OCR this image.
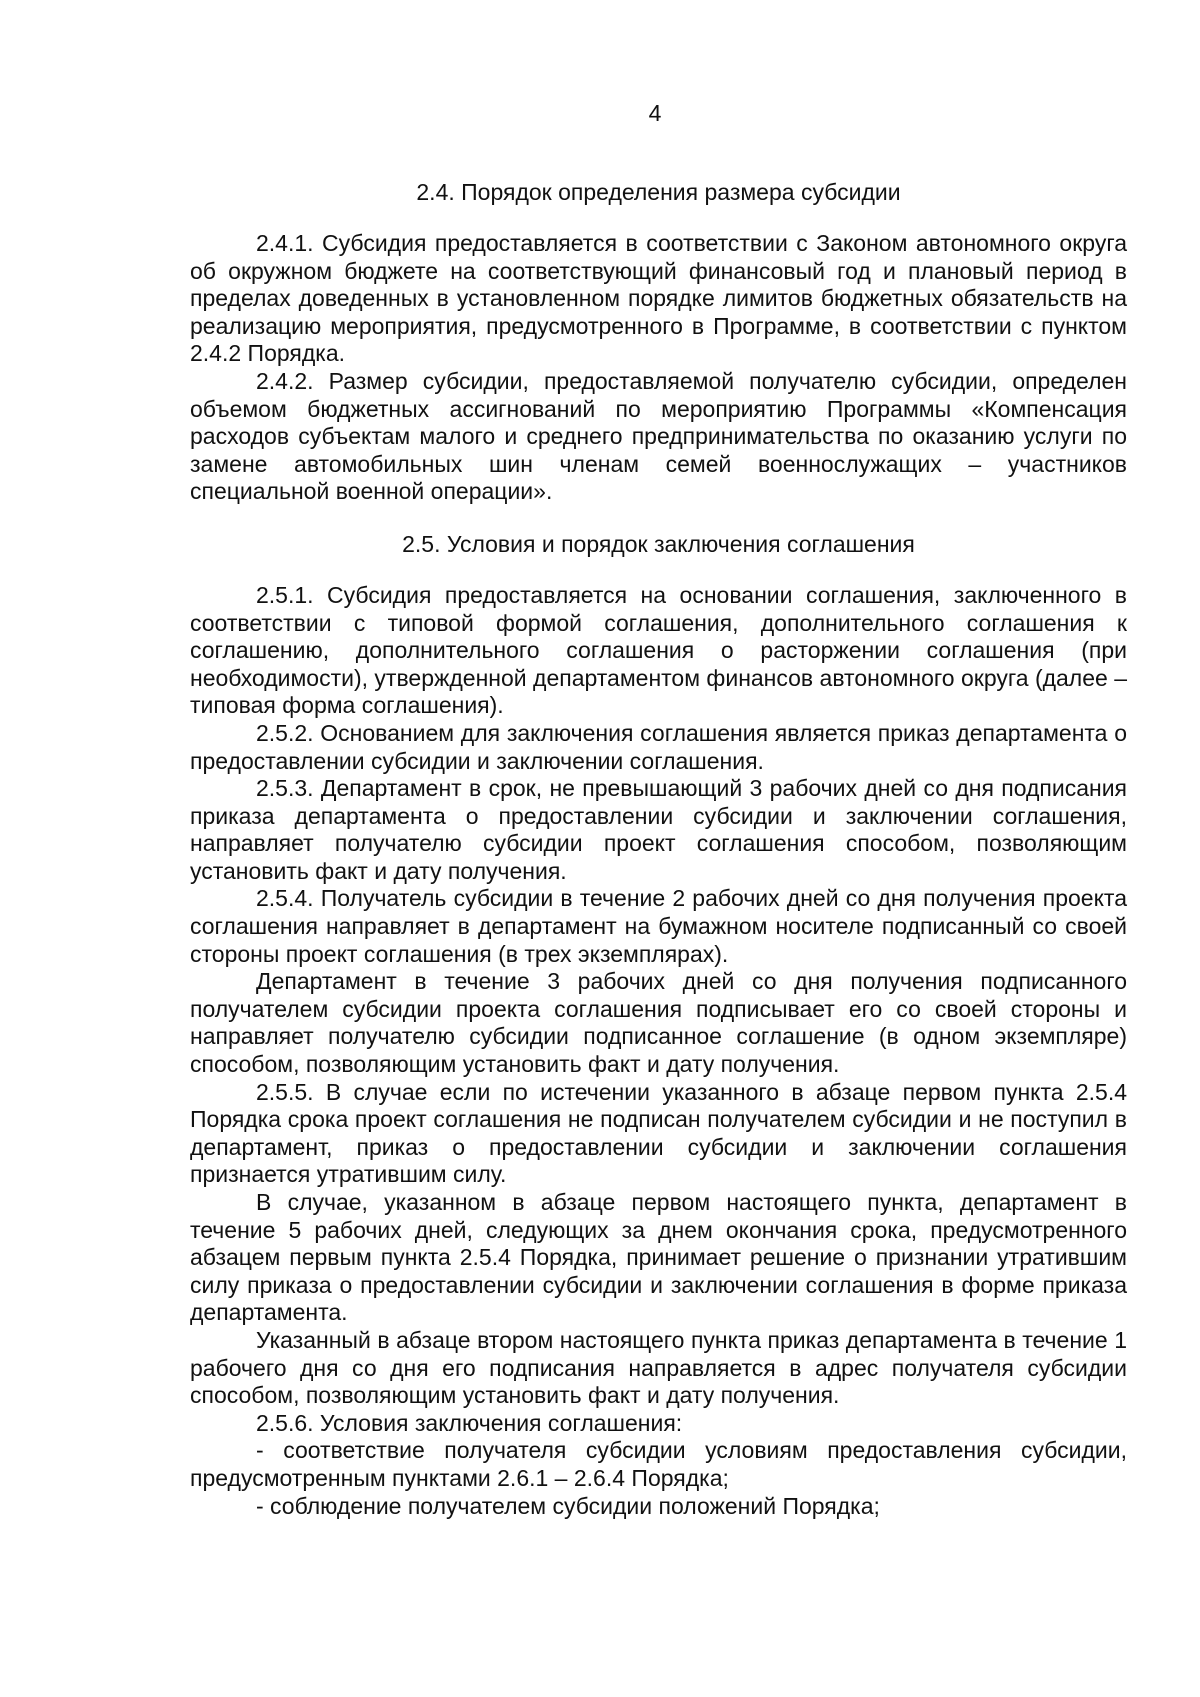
4
2.4. Порядок определения размера субсидии

2.4.1. Субсидия предоставляется в соответствии с Законом автономного округа об окружном бюджете на соответствующий финансовый год и плановый период в пределах доведенных в установленном порядке лимитов бюджетных обязательств на реализацию мероприятия, предусмотренного в Программе, в соответствии с пунктом 2.4.2 Порядка.

2.4.2. Размер субсидии, предоставляемой получателю субсидии, определен объемом бюджетных ассигнований по мероприятию Программы «Компенсация расходов субъектам малого и среднего предпринимательства по оказанию услуги по замене автомобильных шин членам семей военнослужащих – участников специальной военной операции».

2.5. Условия и порядок заключения соглашения

2.5.1. Субсидия предоставляется на основании соглашения, заключенного в соответствии с типовой формой соглашения, дополнительного соглашения к соглашению, дополнительного соглашения о расторжении соглашения (при необходимости), утвержденной департаментом финансов автономного округа (далее – типовая форма соглашения).

2.5.2. Основанием для заключения соглашения является приказ департамента о предоставлении субсидии и заключении соглашения.

2.5.3. Департамент в срок, не превышающий 3 рабочих дней со дня подписания приказа департамента о предоставлении субсидии и заключении соглашения, направляет получателю субсидии проект соглашения способом, позволяющим установить факт и дату получения.

2.5.4. Получатель субсидии в течение 2 рабочих дней со дня получения проекта соглашения направляет в департамент на бумажном носителе подписанный со своей стороны проект соглашения (в трех экземплярах).

Департамент в течение 3 рабочих дней со дня получения подписанного получателем субсидии проекта соглашения подписывает его со своей стороны и направляет получателю субсидии подписанное соглашение (в одном экземпляре) способом, позволяющим установить факт и дату получения.

2.5.5. В случае если по истечении указанного в абзаце первом пункта 2.5.4 Порядка срока проект соглашения не подписан получателем субсидии и не поступил в департамент, приказ о предоставлении субсидии и заключении соглашения признается утратившим силу.

В случае, указанном в абзаце первом настоящего пункта, департамент в течение 5 рабочих дней, следующих за днем окончания срока, предусмотренного абзацем первым пункта 2.5.4 Порядка, принимает решение о признании утратившим силу приказа о предоставлении субсидии и заключении соглашения в форме приказа департамента.

Указанный в абзаце втором настоящего пункта приказ департамента в течение 1 рабочего дня со дня его подписания направляется в адрес получателя субсидии способом, позволяющим установить факт и дату получения.

2.5.6. Условия заключения соглашения:

- соответствие получателя субсидии условиям предоставления субсидии, предусмотренным пунктами 2.6.1 – 2.6.4 Порядка;

- соблюдение получателем субсидии положений Порядка;
